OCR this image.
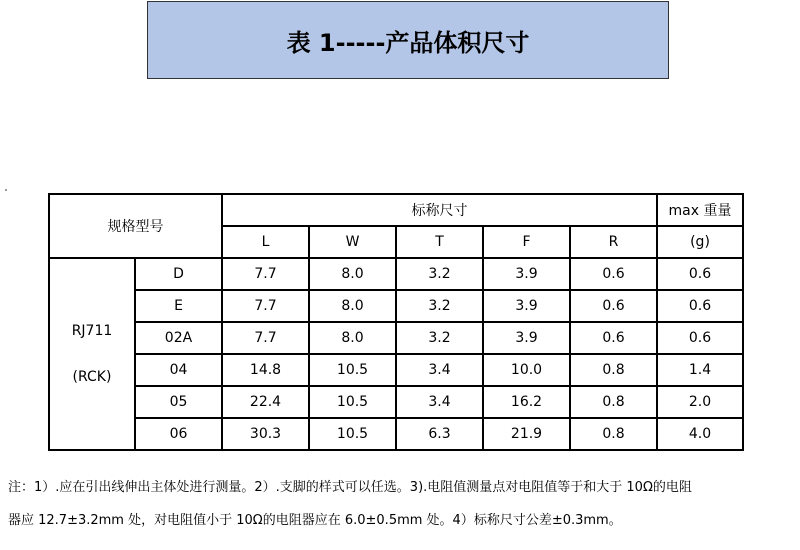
表 1-----产品体积尺寸
规格型号		标称尺寸					max 重量
		L	W	T	F	R	(g)

RJ711
(RCK)	D	7.7	8.0	3.2	3.9	0.6	0.6
	E	7.7	8.0	3.2	3.9	0.6	0.6
	02A	7.7	8.0	3.2	3.9	0.6	0.6
	04	14.8	10.5	3.4	10.0	0.8	1.4
	05	22.4	10.5	3.4	16.2	0.8	2.0
	06	30.3	10.5	6.3	21.9	0.8	4.0
注：1）.应在引出线伸出主体处进行测量。2）.支脚的样式可以任选。3).电阻值测量点对电阻值等于和大于 10Ω的电阻
器应 12.7±3.2mm 处，对电阻值小于 10Ω的电阻器应在 6.0±0.5mm 处。4）标称尺寸公差±0.3mm。
